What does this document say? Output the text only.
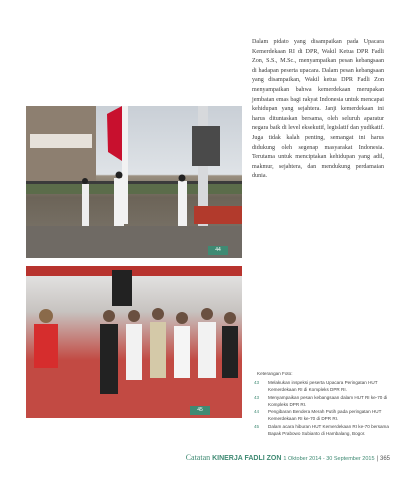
Dalam pidato yang disampaikan pada Upacara Kemerdekaan RI di DPR, Wakil Ketua DPR Fadli Zon, S.S., M.Sc., menyampaikan pesan kebangsaan di hadapan peserta upacara. Dalam pesan kebangsaan yang disampaikan, Wakil ketua DPR Fadli Zon menyampaikan bahwa kemerdekaan merupakan jembatan emas bagi rakyat Indonesia untuk mencapai kehidupan yang sejahtera. Janji kemerdekaan ini harus dituntaskan bersama, oleh seluruh aparatur negara baik di level eksekutif, legislatif dan yudikatif. Juga tidak kalah penting, semangat ini harus didukung oleh segenap masyarakat Indonesia. Terutama untuk menciptakan kehidupan yang adil, makmur, sejahtera, dan mendukung perdamaian dunia.

44
45
Keterangan Foto:
43	Melakukan inspeksi peserta Upacara Peringatan HUT Kemerdekaan RI di Kompleks DPR RI.
43	Menyampaikan pesan kebangsaan dalam HUT RI ke-70 di Kompleks DPR RI.
44	Pengibaran Bendera Merah Putih pada peringatan HUT Kemerdekaan RI ke-70 di DPR RI.
45	Dalam acara hiburan HUT Kemerdekaan RI ke-70 bersama Bapak Prabowo Subianto di Hambalang, Bogor.
Catatan KINERJA FADLI ZON 1 Oktober 2014 - 30 September 2015 | 365
